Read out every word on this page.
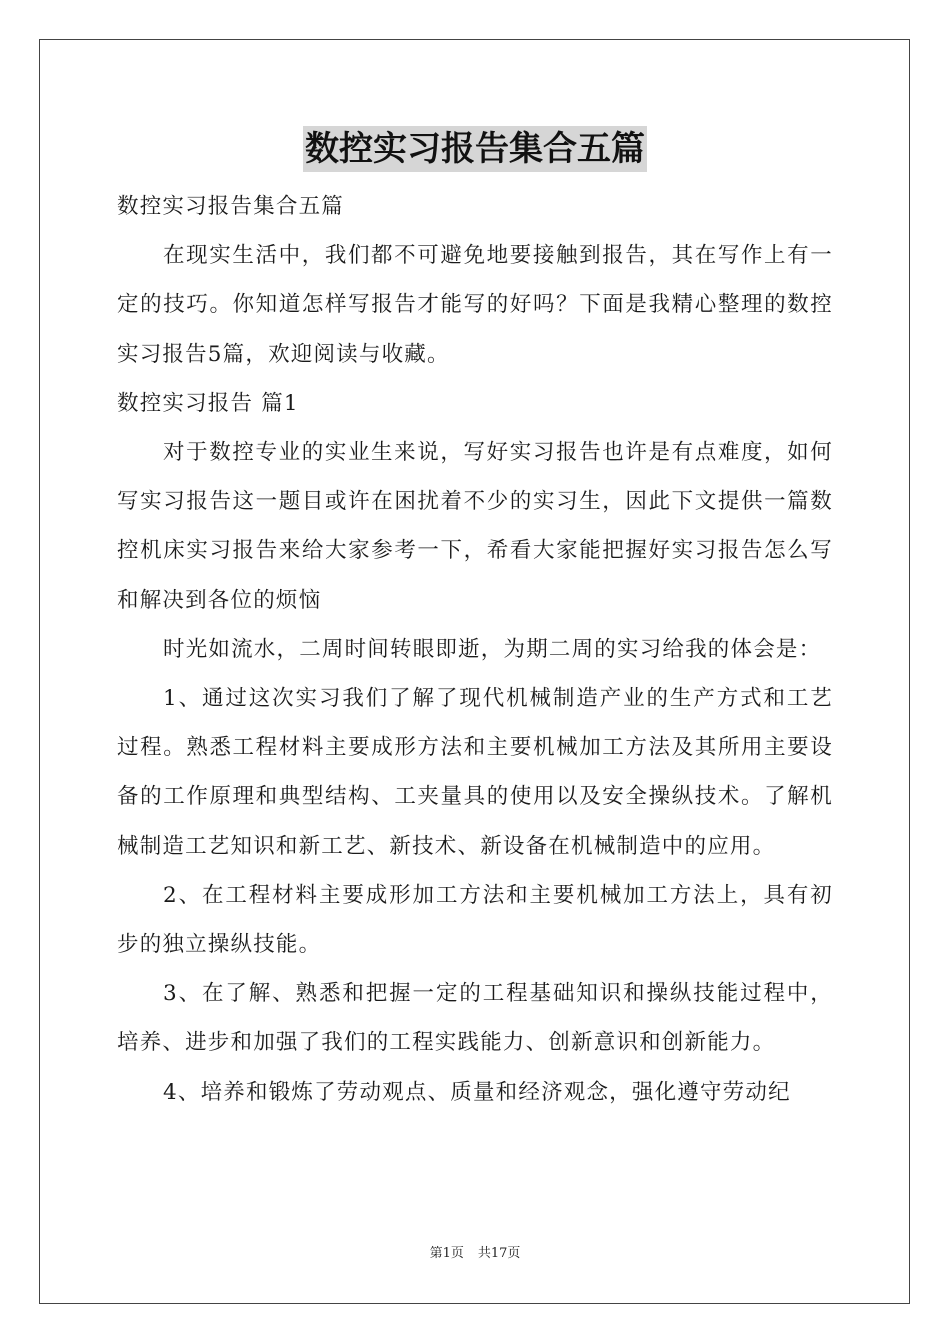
数控实习报告集合五篇

数控实习报告集合五篇

在现实生活中，我们都不可避免地要接触到报告，其在写作上有一定的技巧。你知道怎样写报告才能写的好吗？下面是我精心整理的数控实习报告5篇，欢迎阅读与收藏。

数控实习报告 篇1

对于数控专业的实业生来说，写好实习报告也许是有点难度，如何写实习报告这一题目或许在困扰着不少的实习生，因此下文提供一篇数控机床实习报告来给大家参考一下，希看大家能把握好实习报告怎么写和解决到各位的烦恼

时光如流水，二周时间转眼即逝，为期二周的实习给我的体会是：

1、通过这次实习我们了解了现代机械制造产业的生产方式和工艺过程。熟悉工程材料主要成形方法和主要机械加工方法及其所用主要设备的工作原理和典型结构、工夹量具的使用以及安全操纵技术。了解机械制造工艺知识和新工艺、新技术、新设备在机械制造中的应用。

2、在工程材料主要成形加工方法和主要机械加工方法上，具有初步的独立操纵技能。

3、在了解、熟悉和把握一定的工程基础知识和操纵技能过程中，培养、进步和加强了我们的工程实践能力、创新意识和创新能力。

4、培养和锻炼了劳动观点、质量和经济观念，强化遵守劳动纪

第1页 共17页
